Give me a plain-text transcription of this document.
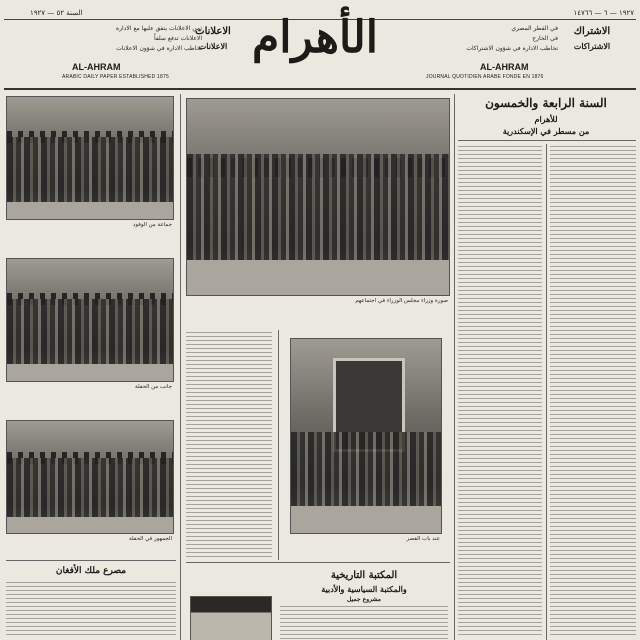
السنة ٥٢ — ١٩٢٧	١٩٢٧ — ٦ — ١٤٧٦٦
ثمن الاعلانات يتفق عليها مع الادارة
الاعلانات تدفع سلفاً
تخاطب الادارة في شؤون الاعلانات
الاعلانات
الاعلانات
AL-AHRAM
ARABIC DAILY PAPER ESTABLISHED 1875
الأهرام	في القطر المصري
في الخارج
تخاطب الادارة في شؤون الاشتراكات
الاشتراك
الاشتراكات
AL-AHRAM
JOURNAL QUOTIDIEN ARABE FONDE EN 1876
جماعة من الوفود
جانب من الحفلة
الجمهور في الحفلة
مصرع ملك الأفغان
صورة وزراء مجلس الوزراء في اجتماعهم
عند باب القصر
المكتبة التاريخية
والمكتبة السياسية والأدبية
مشروع جميل
السنة الرابعة والخمسون
للأهرام
من مسطر في الإسكندرية
